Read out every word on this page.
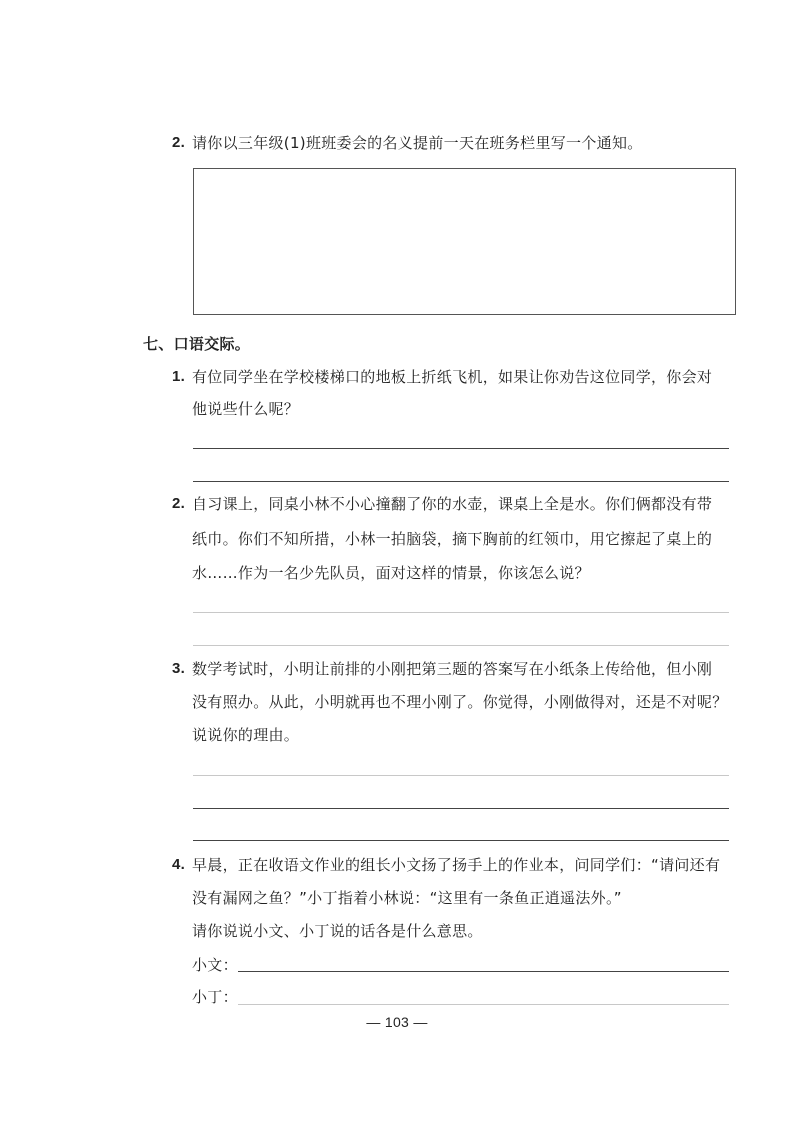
2. 请你以三年级(1)班班委会的名义提前一天在班务栏里写一个通知。
七、口语交际。
1. 有位同学坐在学校楼梯口的地板上折纸飞机，如果让你劝告这位同学，你会对
他说些什么呢？
2. 自习课上，同桌小林不小心撞翻了你的水壶，课桌上全是水。你们俩都没有带
纸巾。你们不知所措，小林一拍脑袋，摘下胸前的红领巾，用它擦起了桌上的
水……作为一名少先队员，面对这样的情景，你该怎么说？
3. 数学考试时，小明让前排的小刚把第三题的答案写在小纸条上传给他，但小刚
没有照办。从此，小明就再也不理小刚了。你觉得，小刚做得对，还是不对呢？
说说你的理由。
4. 早晨，正在收语文作业的组长小文扬了扬手上的作业本，问同学们：“请问还有
没有漏网之鱼？”小丁指着小林说：“这里有一条鱼正逍遥法外。”
请你说说小文、小丁说的话各是什么意思。
小文：
小丁：
— 103 —
